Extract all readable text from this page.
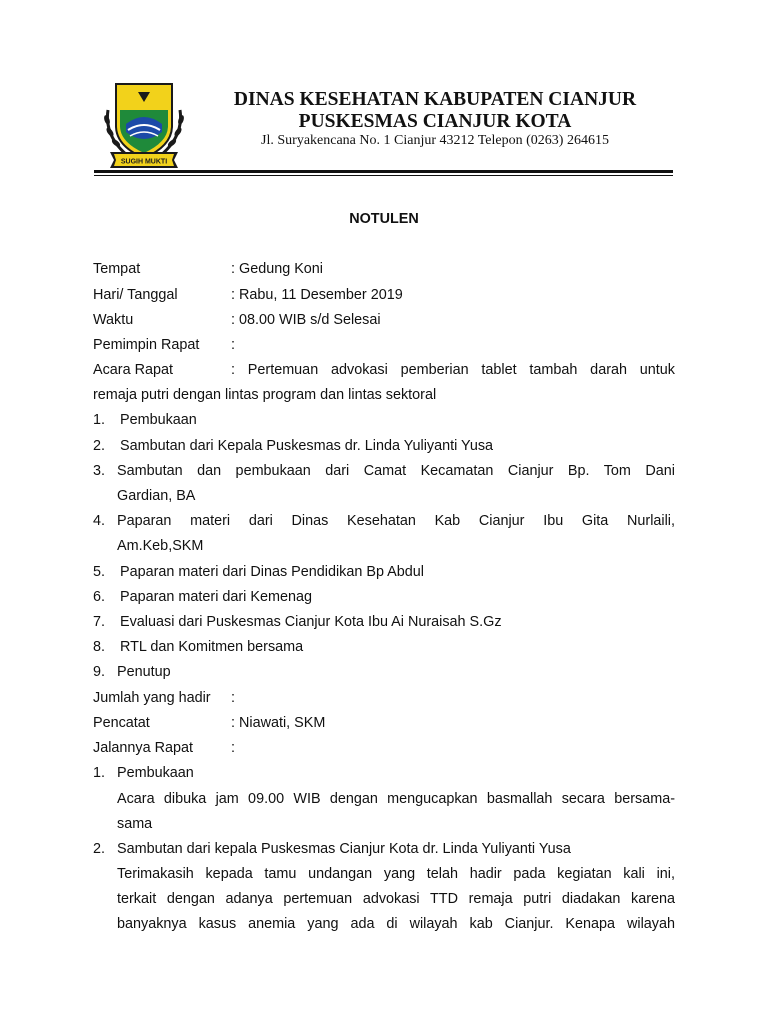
SUGIH MUKTI
DINAS KESEHATAN KABUPATEN CIANJUR
PUSKESMAS CIANJUR KOTA
Jl. Suryakencana No. 1 Cianjur 43212 Telepon (0263) 264615
NOTULEN
Tempat	: Gedung Koni
Hari/ Tanggal	: Rabu, 11 Desember 2019
Waktu	: 08.00 WIB s/d Selesai
Pemimpin Rapat :
Acara Rapat	: Pertemuan advokasi pemberian tablet tambah darah untuk
remaja putri dengan lintas program dan lintas sektoral
1.	Pembukaan
2.	Sambutan dari Kepala Puskesmas dr. Linda Yuliyanti Yusa
3. Sambutan dan pembukaan dari Camat Kecamatan Cianjur Bp. Tom Dani
Gardian, BA
4. Paparan materi dari Dinas Kesehatan Kab Cianjur Ibu Gita Nurlaili,
Am.Keb,SKM
5.	Paparan materi dari Dinas Pendidikan Bp Abdul
6.	Paparan materi dari Kemenag
7.	Evaluasi dari Puskesmas Cianjur Kota Ibu Ai Nuraisah S.Gz
8.	RTL dan Komitmen bersama
9. Penutup
Jumlah yang hadir :
Pencatat	: Niawati, SKM
Jalannya Rapat	:
1. Pembukaan
Acara dibuka jam 09.00 WIB dengan mengucapkan basmallah secara bersama-
sama
2. Sambutan dari kepala Puskesmas Cianjur Kota dr. Linda Yuliyanti Yusa
Terimakasih kepada tamu undangan yang telah hadir pada kegiatan kali ini,
terkait dengan adanya pertemuan advokasi TTD remaja putri diadakan karena
banyaknya kasus anemia yang ada di wilayah kab Cianjur. Kenapa wilayah
